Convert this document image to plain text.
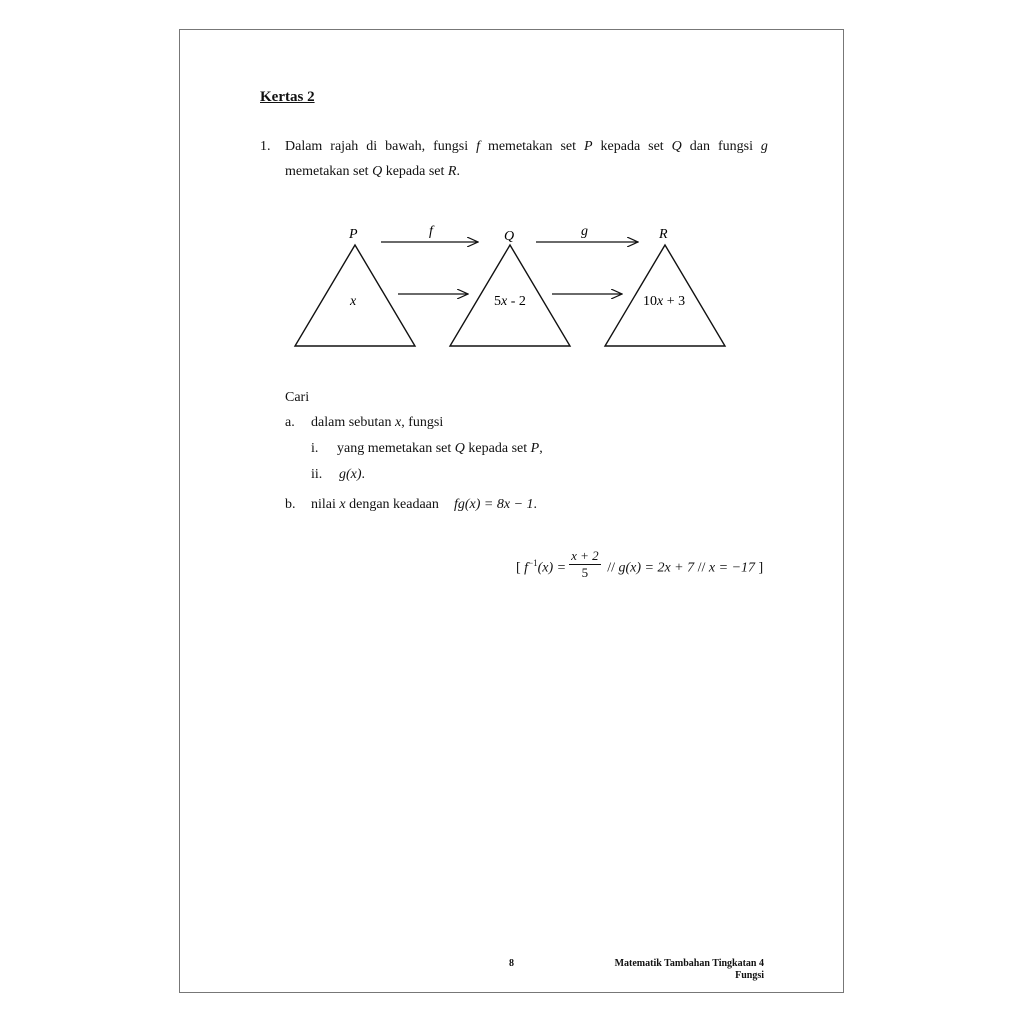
Kertas 2
1. Dalam rajah di bawah, fungsi f memetakan set P kepada set Q dan fungsi g
memetakan set Q kepada set R.
P	Q	R
f	g
x	5x - 2	10x + 3
Cari
a. dalam sebutan x, fungsi
i. yang memetakan set Q kepada set P,
ii. g(x).
b. nilai x dengan keadaan fg(x) = 8x − 1.
[ $f^{-1}(x) = \frac{x + 2}{5} // g(x) = 2x + 7 // x = -17$ ]
8	Matematik Tambahan Tingkatan 4
Fungsi
